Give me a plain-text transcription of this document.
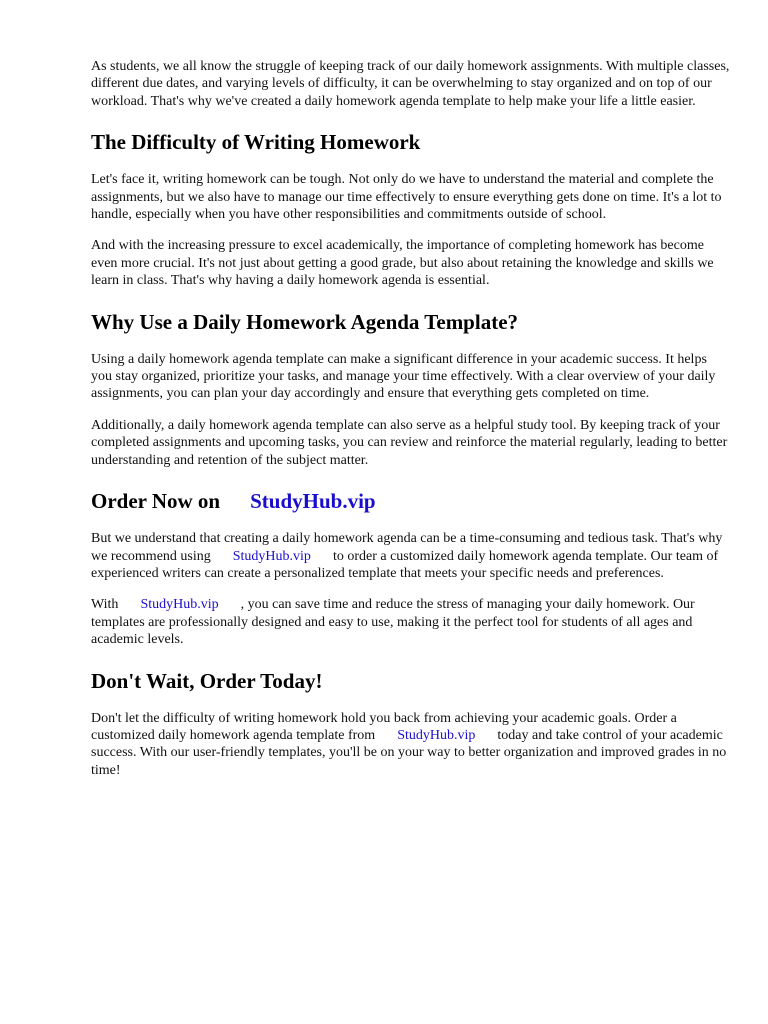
As students, we all know the struggle of keeping track of our daily homework assignments. With multiple classes, different due dates, and varying levels of difficulty, it can be overwhelming to stay organized and on top of our workload. That's why we've created a daily homework agenda template to help make your life a little easier.

The Difficulty of Writing Homework

Let's face it, writing homework can be tough. Not only do we have to understand the material and complete the assignments, but we also have to manage our time effectively to ensure everything gets done on time. It's a lot to handle, especially when you have other responsibilities and commitments outside of school.

And with the increasing pressure to excel academically, the importance of completing homework has become even more crucial. It's not just about getting a good grade, but also about retaining the knowledge and skills we learn in class. That's why having a daily homework agenda is essential.

Why Use a Daily Homework Agenda Template?

Using a daily homework agenda template can make a significant difference in your academic success. It helps you stay organized, prioritize your tasks, and manage your time effectively. With a clear overview of your daily assignments, you can plan your day accordingly and ensure that everything gets completed on time.

Additionally, a daily homework agenda template can also serve as a helpful study tool. By keeping track of your completed assignments and upcoming tasks, you can review and reinforce the material regularly, leading to better understanding and retention of the subject matter.

Order Now on StudyHub.vip

But we understand that creating a daily homework agenda can be a time-consuming and tedious task. That's why we recommend using StudyHub.vip to order a customized daily homework agenda template. Our team of experienced writers can create a personalized template that meets your specific needs and preferences.

With StudyHub.vip , you can save time and reduce the stress of managing your daily homework. Our templates are professionally designed and easy to use, making it the perfect tool for students of all ages and academic levels.

Don't Wait, Order Today!

Don't let the difficulty of writing homework hold you back from achieving your academic goals. Order a customized daily homework agenda template from StudyHub.vip today and take control of your academic success. With our user-friendly templates, you'll be on your way to better organization and improved grades in no time!
